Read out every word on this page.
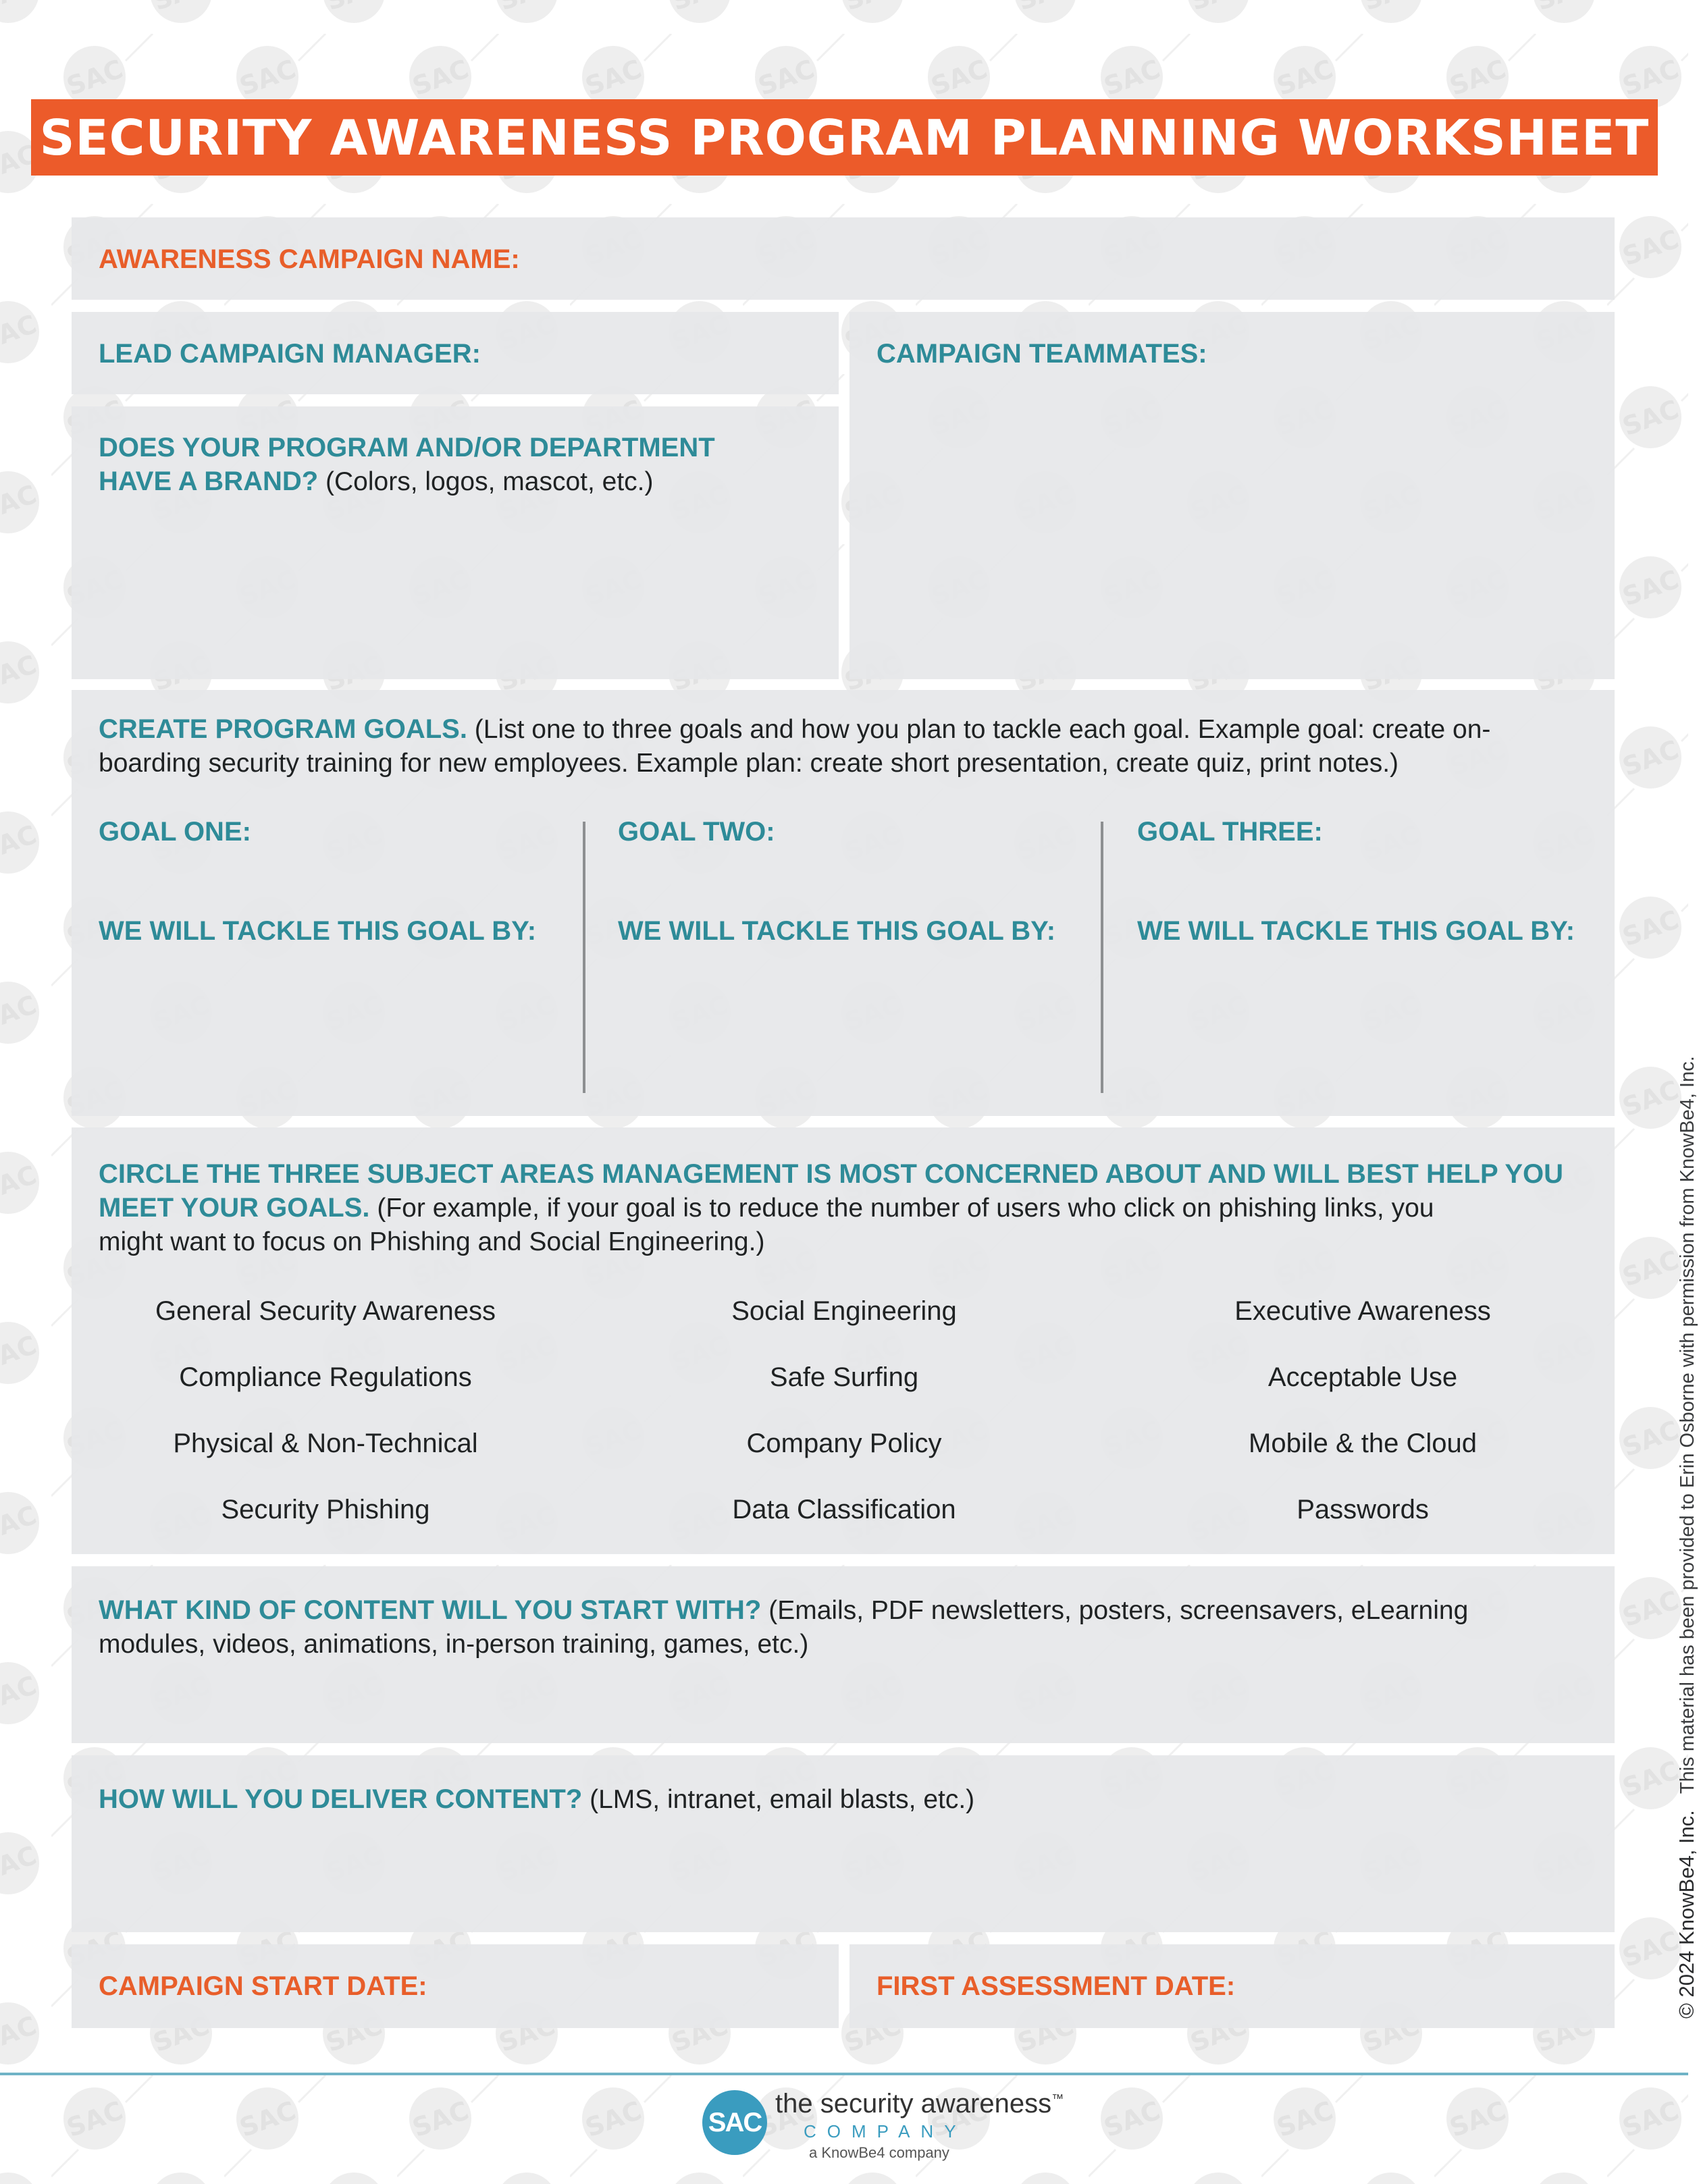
SECURITY AWARENESS PROGRAM PLANNING WORKSHEET
AWARENESS CAMPAIGN NAME:
LEAD CAMPAIGN MANAGER:	CAMPAIGN TEAMMATES:
DOES YOUR PROGRAM AND/OR DEPARTMENT
HAVE A BRAND? (Colors, logos, mascot, etc.)
CREATE PROGRAM GOALS. (List one to three goals and how you plan to tackle each goal. Example goal: create on-
boarding security training for new employees. Example plan: create short presentation, create quiz, print notes.)
GOAL ONE:
WE WILL TACKLE THIS GOAL BY:
GOAL TWO:
WE WILL TACKLE THIS GOAL BY:
GOAL THREE:
WE WILL TACKLE THIS GOAL BY:
CIRCLE THE THREE SUBJECT AREAS MANAGEMENT IS MOST CONCERNED ABOUT AND WILL BEST HELP YOU
MEET YOUR GOALS. (For example, if your goal is to reduce the number of users who click on phishing links, you
might want to focus on Phishing and Social Engineering.)
General Security Awareness	Social Engineering	Executive Awareness
Compliance Regulations	Safe Surfing	Acceptable Use
Physical & Non-Technical	Company Policy	Mobile & the Cloud
Security Phishing	Data Classification	Passwords
WHAT KIND OF CONTENT WILL YOU START WITH? (Emails, PDF newsletters, posters, screensavers, eLearning
modules, videos, animations, in-person training, games, etc.)
HOW WILL YOU DELIVER CONTENT? (LMS, intranet, email blasts, etc.)
CAMPAIGN START DATE:	FIRST ASSESSMENT DATE:	© 2024 KnowBe4, Inc.This material has been provided to Erin Osborne with permission from KnowBe4, Inc.
SAC
the security awareness™
COMPANY
a KnowBe4 company
